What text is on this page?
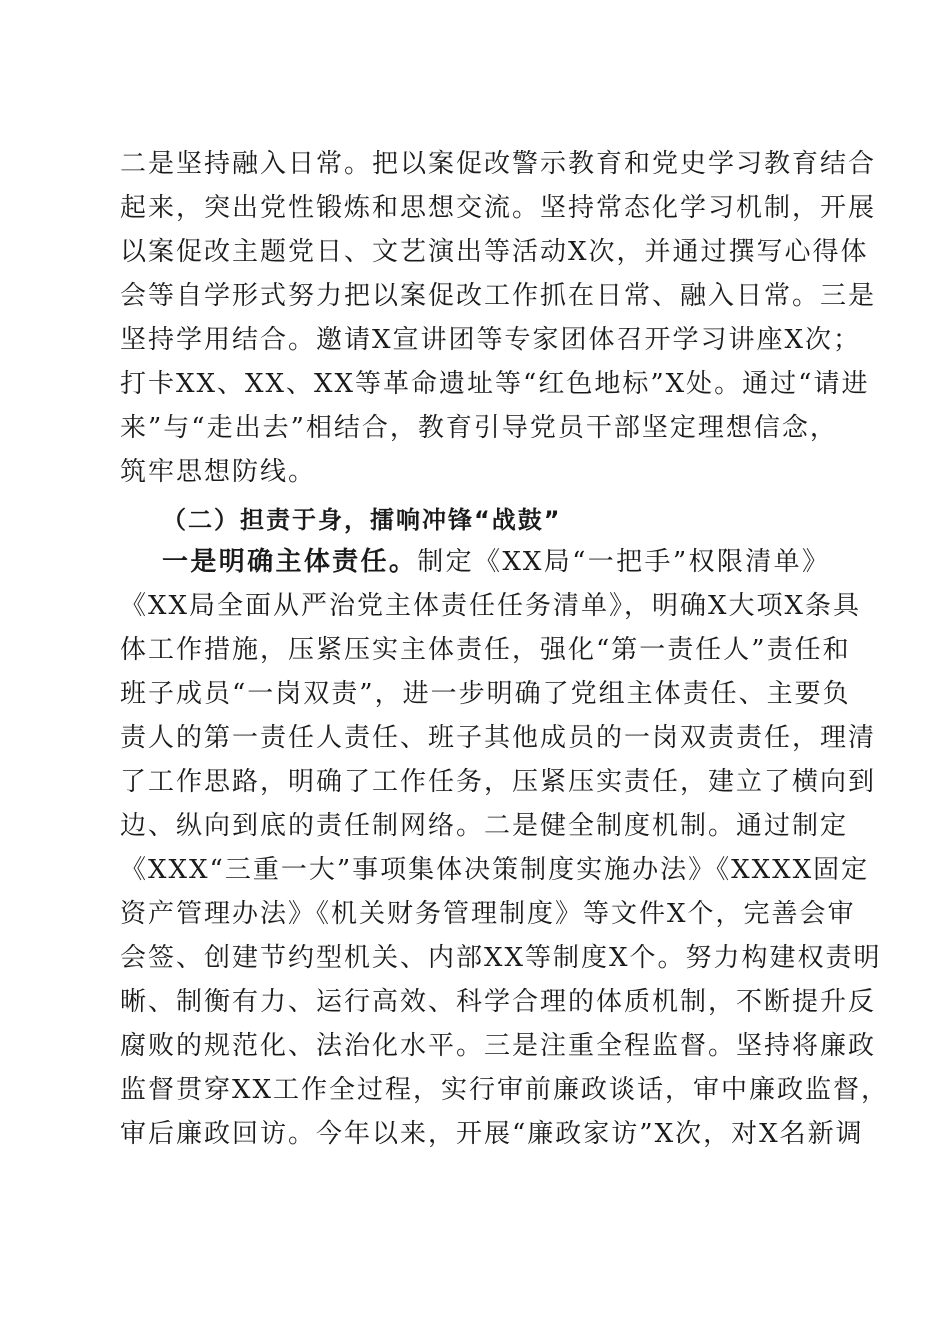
二是坚持融入日常。把以案促改警示教育和党史学习教育结合
起来，突出党性锻炼和思想交流。坚持常态化学习机制，开展
以案促改主题党日、文艺演出等活动X次，并通过撰写心得体
会等自学形式努力把以案促改工作抓在日常、融入日常。三是
坚持学用结合。邀请X宣讲团等专家团体召开学习讲座X次；
打卡XX、XX、XX等革命遗址等“红色地标”X处。通过“请进
来”与“走出去”相结合，教育引导党员干部坚定理想信念，
筑牢思想防线。
（二）担责于身，擂响冲锋“战鼓”
一是明确主体责任。制定《XX局“一把手”权限清单》
《XX局全面从严治党主体责任任务清单》，明确X大项X条具
体工作措施，压紧压实主体责任，强化“第一责任人”责任和
班子成员“一岗双责”，进一步明确了党组主体责任、主要负
责人的第一责任人责任、班子其他成员的一岗双责责任，理清
了工作思路，明确了工作任务，压紧压实责任，建立了横向到
边、纵向到底的责任制网络。二是健全制度机制。通过制定
《XXX“三重一大”事项集体决策制度实施办法》《XXXX固定
资产管理办法》《机关财务管理制度》等文件X个，完善会审
会签、创建节约型机关、内部XX等制度X个。努力构建权责明
晰、制衡有力、运行高效、科学合理的体质机制，不断提升反
腐败的规范化、法治化水平。三是注重全程监督。坚持将廉政
监督贯穿XX工作全过程，实行审前廉政谈话，审中廉政监督，
审后廉政回访。今年以来，开展“廉政家访”X次，对X名新调
